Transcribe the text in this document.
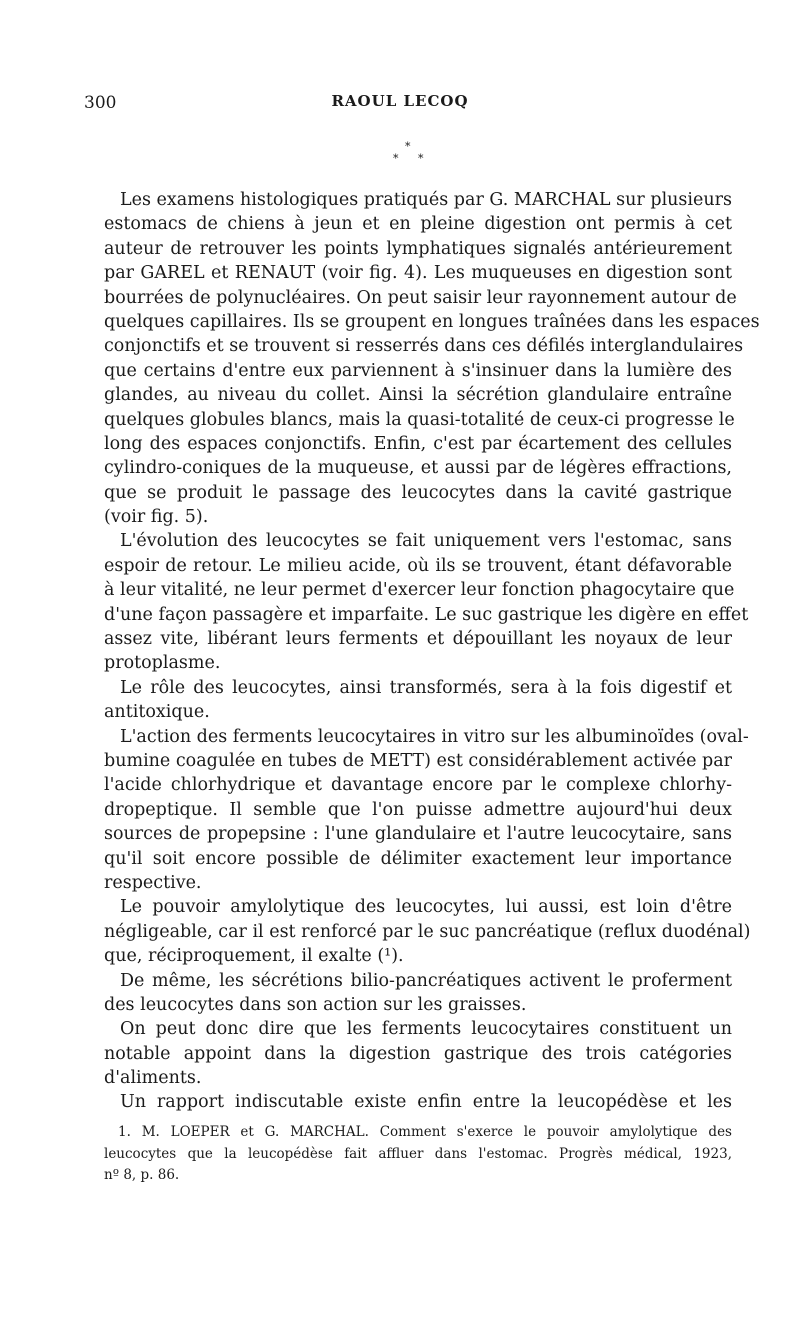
300	RAOUL LECOQ
*
* *
Les examens histologiques pratiqués par G. MARCHAL sur plusieurs
estomacs de chiens à jeun et en pleine digestion ont permis à cet
auteur de retrouver les points lymphatiques signalés antérieurement
par GAREL et RENAUT (voir fig. 4). Les muqueuses en digestion sont
bourrées de polynucléaires. On peut saisir leur rayonnement autour de
quelques capillaires. Ils se groupent en longues traînées dans les espaces
conjonctifs et se trouvent si resserrés dans ces défilés interglandulaires
que certains d'entre eux parviennent à s'insinuer dans la lumière des
glandes, au niveau du collet. Ainsi la sécrétion glandulaire entraîne
quelques globules blancs, mais la quasi-totalité de ceux-ci progresse le
long des espaces conjonctifs. Enfin, c'est par écartement des cellules
cylindro-coniques de la muqueuse, et aussi par de légères effractions,
que se produit le passage des leucocytes dans la cavité gastrique
(voir fig. 5).
L'évolution des leucocytes se fait uniquement vers l'estomac, sans
espoir de retour. Le milieu acide, où ils se trouvent, étant défavorable
à leur vitalité, ne leur permet d'exercer leur fonction phagocytaire que
d'une façon passagère et imparfaite. Le suc gastrique les digère en effet
assez vite, libérant leurs ferments et dépouillant les noyaux de leur
protoplasme.
Le rôle des leucocytes, ainsi transformés, sera à la fois digestif et
antitoxique.
L'action des ferments leucocytaires in vitro sur les albuminoïdes (oval-
bumine coagulée en tubes de METT) est considérablement activée par
l'acide chlorhydrique et davantage encore par le complexe chlorhy-
dropeptique. Il semble que l'on puisse admettre aujourd'hui deux
sources de propepsine : l'une glandulaire et l'autre leucocytaire, sans
qu'il soit encore possible de délimiter exactement leur importance
respective.
Le pouvoir amylolytique des leucocytes, lui aussi, est loin d'être
négligeable, car il est renforcé par le suc pancréatique (reflux duodénal)
que, réciproquement, il exalte (¹).
De même, les sécrétions bilio-pancréatiques activent le proferment
des leucocytes dans son action sur les graisses.
On peut donc dire que les ferments leucocytaires constituent un
notable appoint dans la digestion gastrique des trois catégories
d'aliments.
Un rapport indiscutable existe enfin entre la leucopédèse et les
1. M. LOEPER et G. MARCHAL. Comment s'exerce le pouvoir amylolytique des
leucocytes que la leucopédèse fait affluer dans l'estomac. Progrès médical, 1923,
nº 8, p. 86.
